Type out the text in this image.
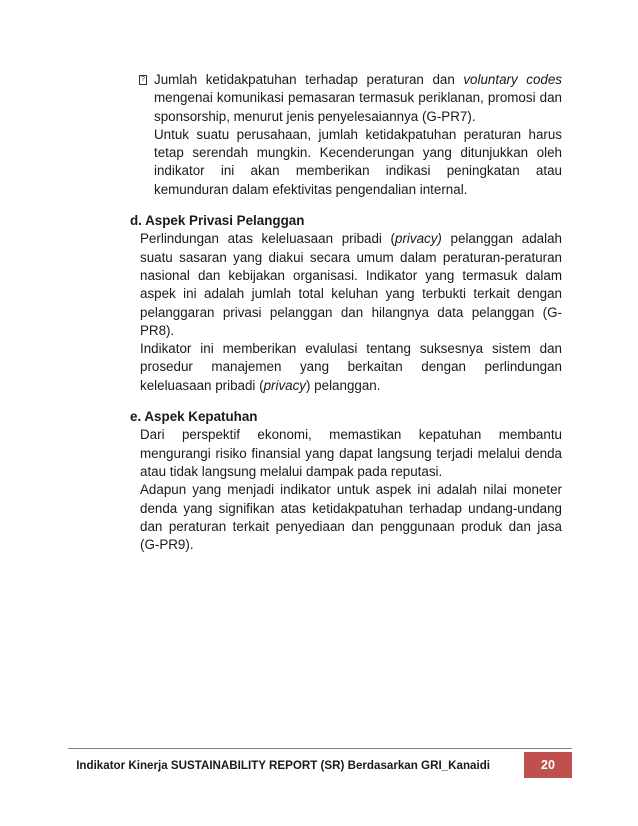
? Jumlah ketidakpatuhan terhadap peraturan dan voluntary codes mengenai komunikasi pemasaran termasuk periklanan, promosi dan sponsorship, menurut jenis penyelesaiannya (G-PR7).

Untuk suatu perusahaan, jumlah ketidakpatuhan peraturan harus tetap serendah mungkin. Kecenderungan yang ditunjukkan oleh indikator ini akan memberikan indikasi peningkatan atau kemunduran dalam efektivitas pengendalian internal.

d. Aspek Privasi Pelanggan

Perlindungan atas keleluasaan pribadi (privacy) pelanggan adalah suatu sasaran yang diakui secara umum dalam peraturan-peraturan nasional dan kebijakan organisasi. Indikator yang termasuk dalam aspek ini adalah jumlah total keluhan yang terbukti terkait dengan pelanggaran privasi pelanggan dan hilangnya data pelanggan (G-PR8).

Indikator ini memberikan evalulasi tentang suksesnya sistem dan prosedur manajemen yang berkaitan dengan perlindungan keleluasaan pribadi (privacy) pelanggan.

e. Aspek Kepatuhan

Dari perspektif ekonomi, memastikan kepatuhan membantu mengurangi risiko finansial yang dapat langsung terjadi melalui denda atau tidak langsung melalui dampak pada reputasi.

Adapun yang menjadi indikator untuk aspek ini adalah nilai moneter denda yang signifikan atas ketidakpatuhan terhadap undang-undang dan peraturan terkait penyediaan dan penggunaan produk dan jasa (G-PR9).

Indikator Kinerja SUSTAINABILITY REPORT (SR) Berdasarkan GRI_Kanaidi	20
